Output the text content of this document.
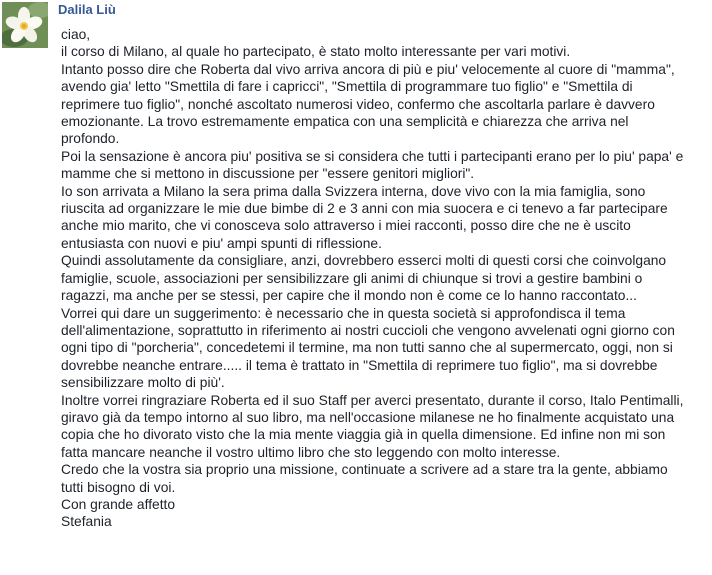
Dalila Liù
ciao,
il corso di Milano, al quale ho partecipato, è stato molto interessante per vari motivi.
Intanto posso dire che Roberta dal vivo arriva ancora di più e piu' velocemente al cuore di "mamma",
avendo gia' letto "Smettila di fare i capricci", "Smettila di programmare tuo figlio" e "Smettila di
reprimere tuo figlio", nonché ascoltato numerosi video, confermo che ascoltarla parlare è davvero
emozionante. La trovo estremamente empatica con una semplicità e chiarezza che arriva nel
profondo.
Poi la sensazione è ancora piu' positiva se si considera che tutti i partecipanti erano per lo piu' papa' e
mamme che si mettono in discussione per "essere genitori migliori".
Io son arrivata a Milano la sera prima dalla Svizzera interna, dove vivo con la mia famiglia, sono
riuscita ad organizzare le mie due bimbe di 2 e 3 anni con mia suocera e ci tenevo a far partecipare
anche mio marito, che vi conosceva solo attraverso i miei racconti, posso dire che ne è uscito
entusiasta con nuovi e piu' ampi spunti di riflessione.
Quindi assolutamente da consigliare, anzi, dovrebbero esserci molti di questi corsi che coinvolgano
famiglie, scuole, associazioni per sensibilizzare gli animi di chiunque si trovi a gestire bambini o
ragazzi, ma anche per se stessi, per capire che il mondo non è come ce lo hanno raccontato...
Vorrei qui dare un suggerimento: è necessario che in questa società si approfondisca il tema
dell'alimentazione, soprattutto in riferimento ai nostri cuccioli che vengono avvelenati ogni giorno con
ogni tipo di "porcheria", concedetemi il termine, ma non tutti sanno che al supermercato, oggi, non si
dovrebbe neanche entrare..... il tema è trattato in "Smettila di reprimere tuo figlio", ma si dovrebbe
sensibilizzare molto di più'.
Inoltre vorrei ringraziare Roberta ed il suo Staff per averci presentato, durante il corso, Italo Pentimalli,
giravo già da tempo intorno al suo libro, ma nell'occasione milanese ne ho finalmente acquistato una
copia che ho divorato visto che la mia mente viaggia già in quella dimensione. Ed infine non mi son
fatta mancare neanche il vostro ultimo libro che sto leggendo con molto interesse.
Credo che la vostra sia proprio una missione, continuate a scrivere ad a stare tra la gente, abbiamo
tutti bisogno di voi.
Con grande affetto
Stefania
